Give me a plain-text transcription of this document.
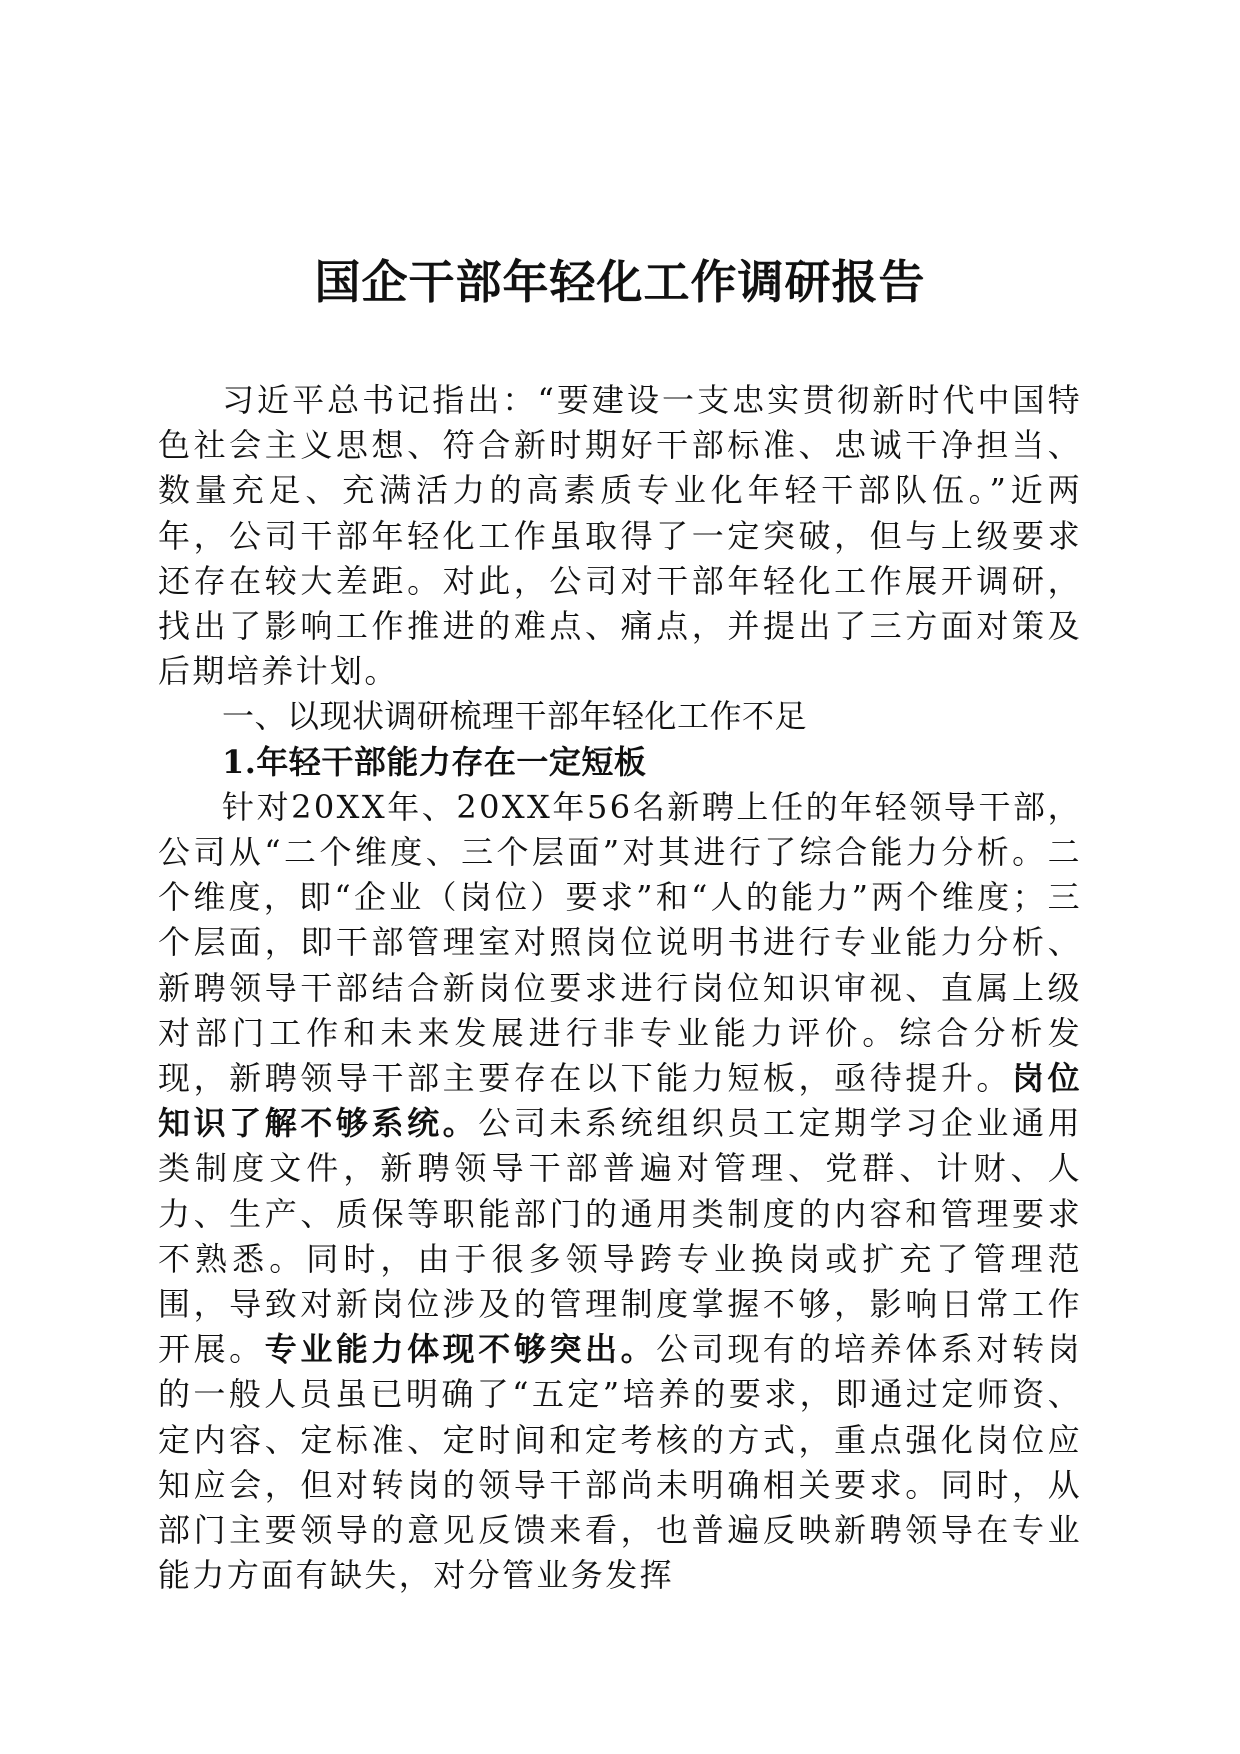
国企干部年轻化工作调研报告

习近平总书记指出：“要建设一支忠实贯彻新时代中国特色社会主义思想、符合新时期好干部标准、忠诚干净担当、数量充足、充满活力的高素质专业化年轻干部队伍。”近两年，公司干部年轻化工作虽取得了一定突破，但与上级要求还存在较大差距。对此，公司对干部年轻化工作展开调研，找出了影响工作推进的难点、痛点，并提出了三方面对策及后期培养计划。

一、以现状调研梳理干部年轻化工作不足

1.年轻干部能力存在一定短板

针对20XX年、20XX年56名新聘上任的年轻领导干部，公司从“二个维度、三个层面”对其进行了综合能力分析。二个维度，即“企业（岗位）要求”和“人的能力”两个维度；三个层面，即干部管理室对照岗位说明书进行专业能力分析、新聘领导干部结合新岗位要求进行岗位知识审视、直属上级对部门工作和未来发展进行非专业能力评价。综合分析发现，新聘领导干部主要存在以下能力短板，亟待提升。岗位知识了解不够系统。公司未系统组织员工定期学习企业通用类制度文件，新聘领导干部普遍对管理、党群、计财、人力、生产、质保等职能部门的通用类制度的内容和管理要求不熟悉。同时，由于很多领导跨专业换岗或扩充了管理范围，导致对新岗位涉及的管理制度掌握不够，影响日常工作开展。专业能力体现不够突出。公司现有的培养体系对转岗的一般人员虽已明确了“五定”培养的要求，即通过定师资、定内容、定标准、定时间和定考核的方式，重点强化岗位应知应会，但对转岗的领导干部尚未明确相关要求。同时，从部门主要领导的意见反馈来看，也普遍反映新聘领导在专业能力方面有缺失，对分管业务发挥
